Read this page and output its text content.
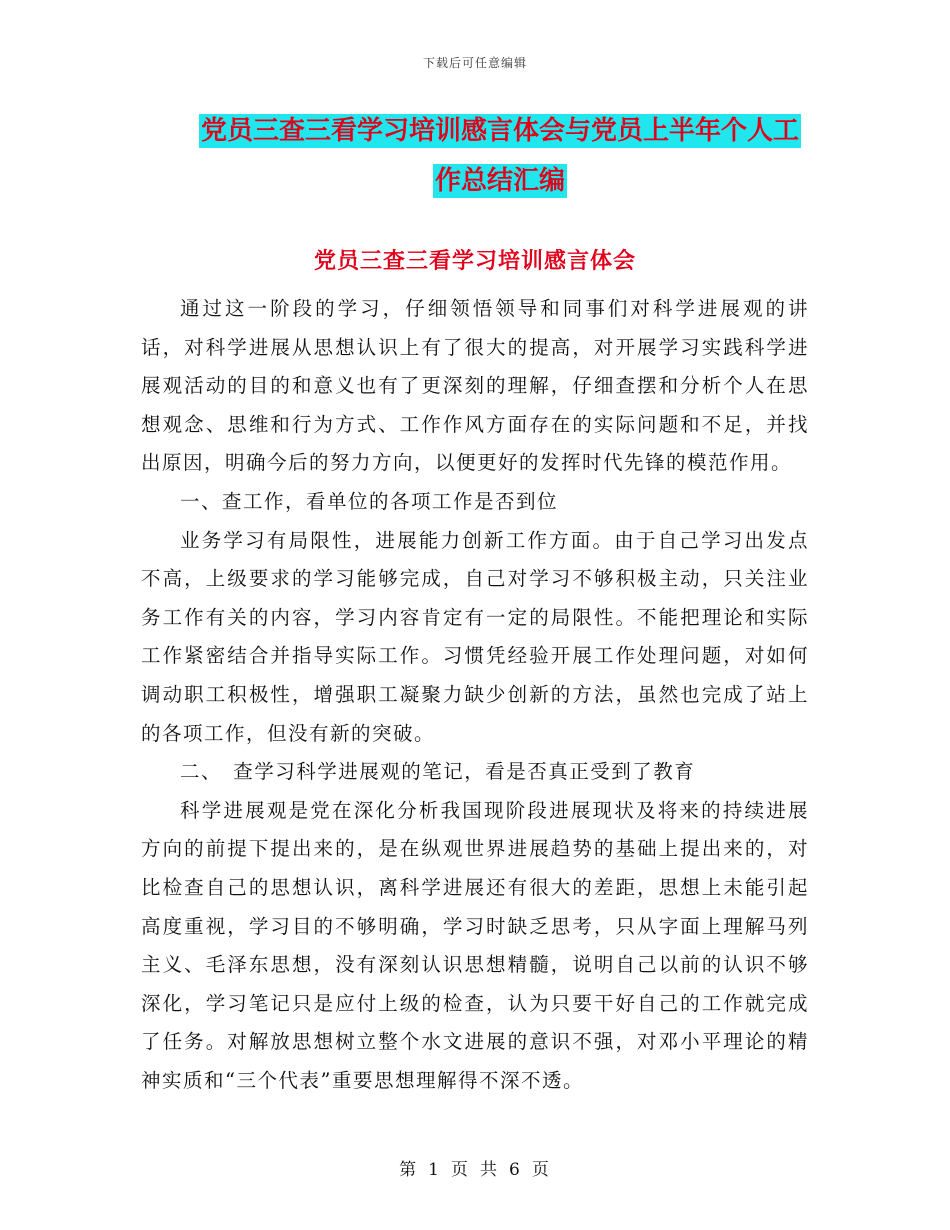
下载后可任意编辑
党员三查三看学习培训感言体会与党员上半年个人工
作总结汇编
党员三查三看学习培训感言体会

通过这一阶段的学习，仔细领悟领导和同事们对科学进展观的讲话，对科学进展从思想认识上有了很大的提高，对开展学习实践科学进展观活动的目的和意义也有了更深刻的理解，仔细查摆和分析个人在思想观念、思维和行为方式、工作作风方面存在的实际问题和不足，并找出原因，明确今后的努力方向，以便更好的发挥时代先锋的模范作用。

一、查工作，看单位的各项工作是否到位

业务学习有局限性，进展能力创新工作方面。由于自己学习出发点不高，上级要求的学习能够完成，自己对学习不够积极主动，只关注业务工作有关的内容，学习内容肯定有一定的局限性。不能把理论和实际工作紧密结合并指导实际工作。习惯凭经验开展工作处理问题，对如何调动职工积极性，增强职工凝聚力缺少创新的方法，虽然也完成了站上的各项工作，但没有新的突破。

二、　查学习科学进展观的笔记，看是否真正受到了教育

科学进展观是党在深化分析我国现阶段进展现状及将来的持续进展方向的前提下提出来的，是在纵观世界进展趋势的基础上提出来的，对比检查自己的思想认识，离科学进展还有很大的差距，思想上未能引起高度重视，学习目的不够明确，学习时缺乏思考，只从字面上理解马列主义、毛泽东思想，没有深刻认识思想精髓，说明自己以前的认识不够深化，学习笔记只是应付上级的检查，认为只要干好自己的工作就完成了任务。对解放思想树立整个水文进展的意识不强，对邓小平理论的精神实质和“三个代表”重要思想理解得不深不透。

第 1 页 共 6 页
